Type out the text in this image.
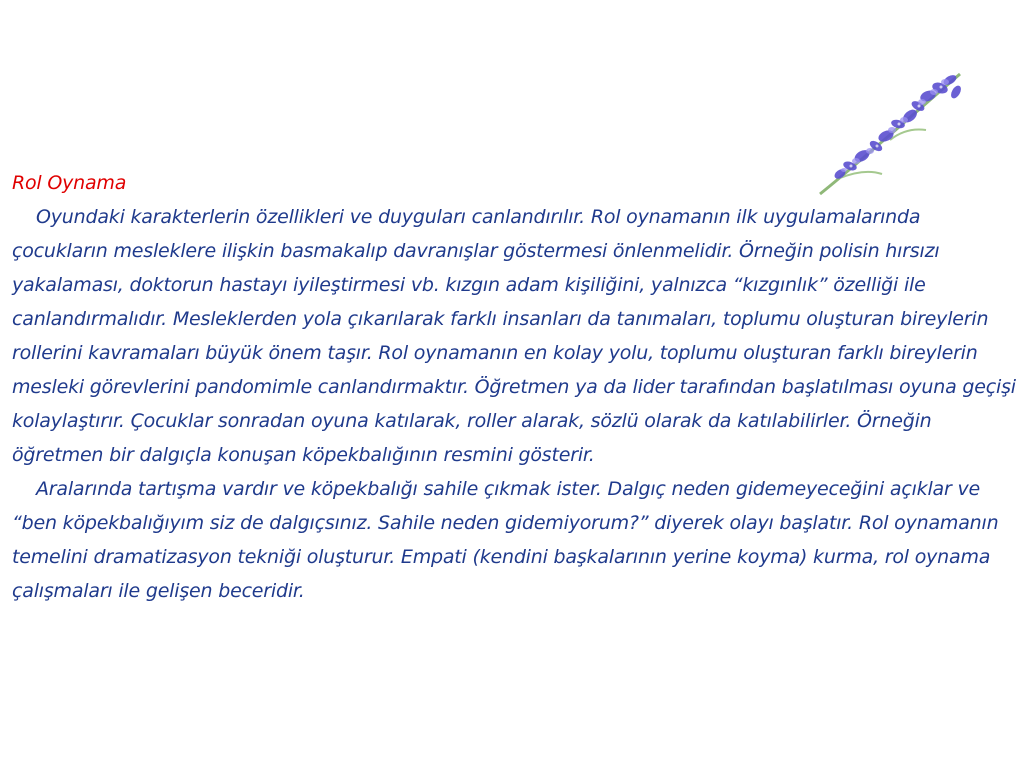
Rol Oynama

Oyundaki karakterlerin özellikleri ve duyguları canlandırılır. Rol oynamanın ilk uygulamalarında çocukların mesleklere ilişkin basmakalıp davranışlar göstermesi önlenmelidir. Örneğin polisin hırsızı yakalaması, doktorun hastayı iyileştirmesi vb. kızgın adam kişiliğini, yalnızca “kızgınlık” özelliği ile canlandırmalıdır. Mesleklerden yola çıkarılarak farklı insanları da tanımaları, toplumu oluşturan bireylerin rollerini kavramaları büyük önem taşır. Rol oynamanın en kolay yolu, toplumu oluşturan farklı bireylerin mesleki görevlerini pandomimle canlandırmaktır. Öğretmen ya da lider tarafından başlatılması oyuna geçişi kolaylaştırır. Çocuklar sonradan oyuna katılarak, roller alarak, sözlü olarak da katılabilirler. Örneğin öğretmen bir dalgıçla konuşan köpekbalığının resmini gösterir.

Aralarında tartışma vardır ve köpekbalığı sahile çıkmak ister. Dalgıç neden gidemeyeceğini açıklar ve “ben köpekbalığıyım siz de dalgıçsınız. Sahile neden gidemiyorum?” diyerek olayı başlatır. Rol oynamanın temelini dramatizasyon tekniği oluşturur. Empati (kendini başkalarının yerine koyma) kurma, rol oynama çalışmaları ile gelişen beceridir.
